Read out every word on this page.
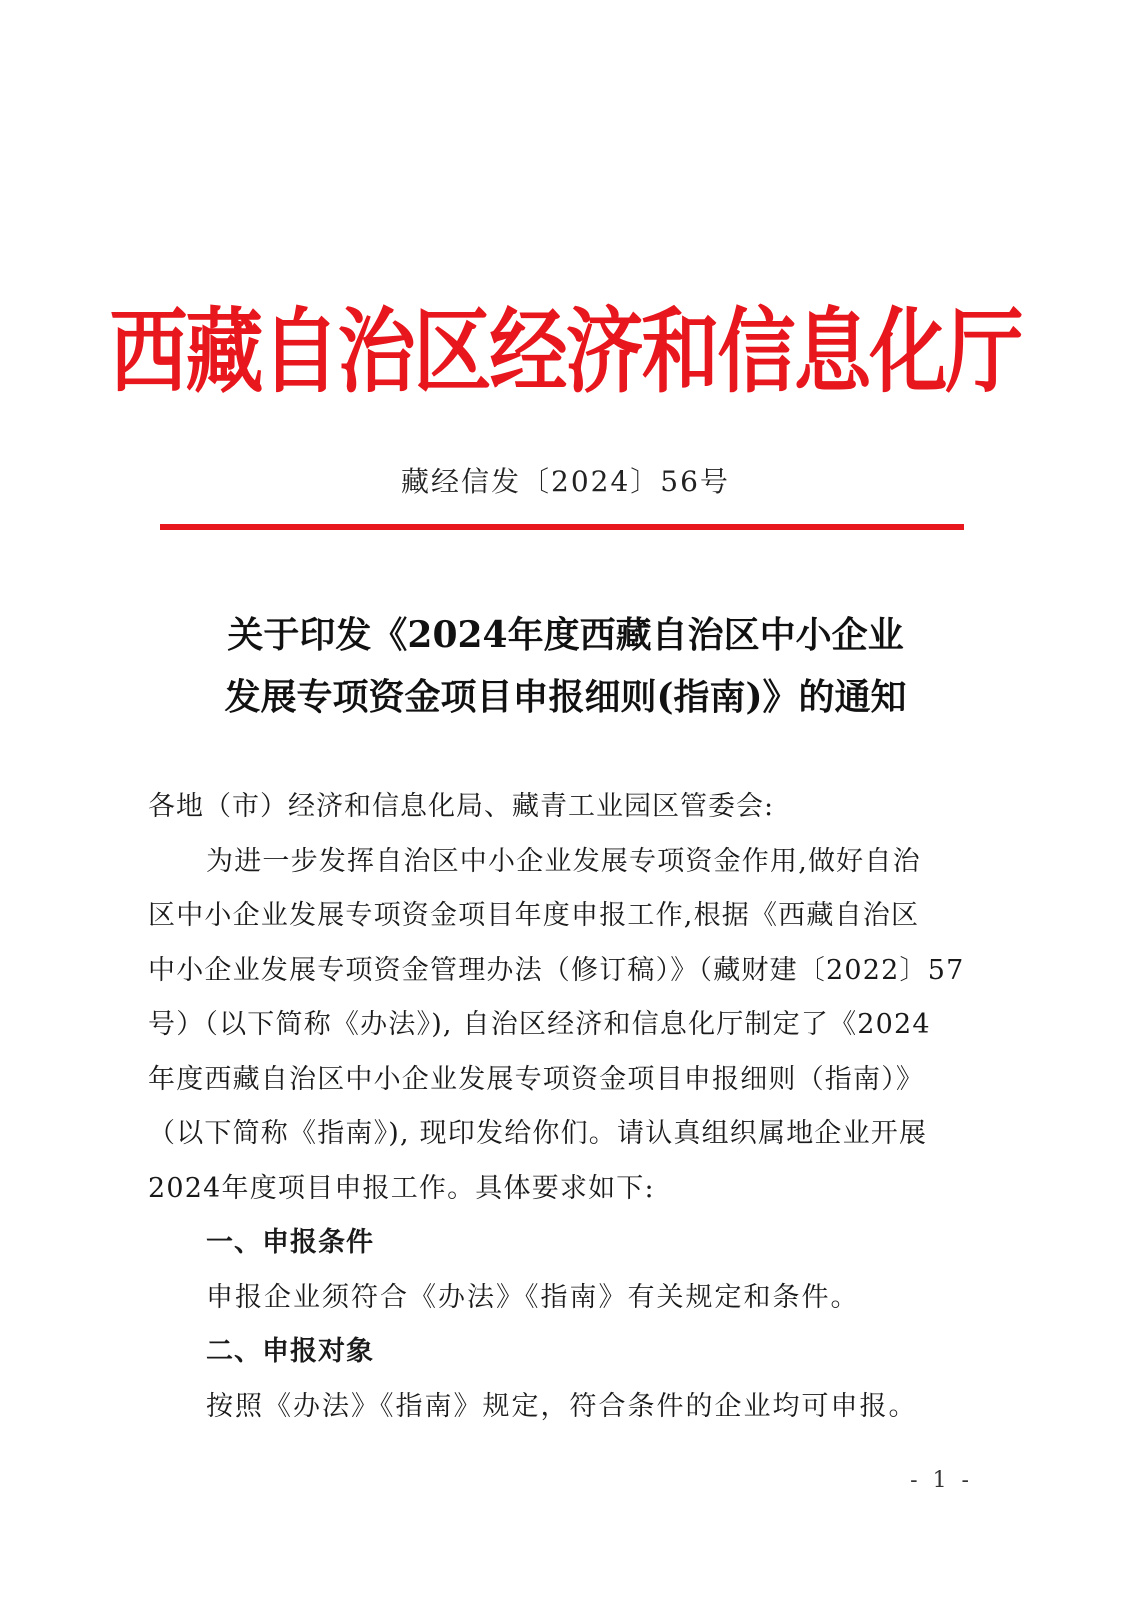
西藏自治区经济和信息化厅
藏经信发〔2024〕56号
关于印发《2024年度西藏自治区中小企业
发展专项资金项目申报细则(指南)》的通知

各地（市）经济和信息化局、藏青工业园区管委会:

为进一步发挥自治区中小企业发展专项资金作用,做好自治

区中小企业发展专项资金项目年度申报工作,根据《西藏自治区

中小企业发展专项资金管理办法（修订稿）》（藏财建〔2022〕57

号）（以下简称《办法》), 自治区经济和信息化厅制定了《2024

年度西藏自治区中小企业发展专项资金项目申报细则（指南）》

（以下简称《指南》), 现印发给你们。请认真组织属地企业开展

2024年度项目申报工作。具体要求如下:

一、申报条件

申报企业须符合《办法》《指南》有关规定和条件。

二、申报对象

按照《办法》《指南》规定，符合条件的企业均可申报。

- 1 -
